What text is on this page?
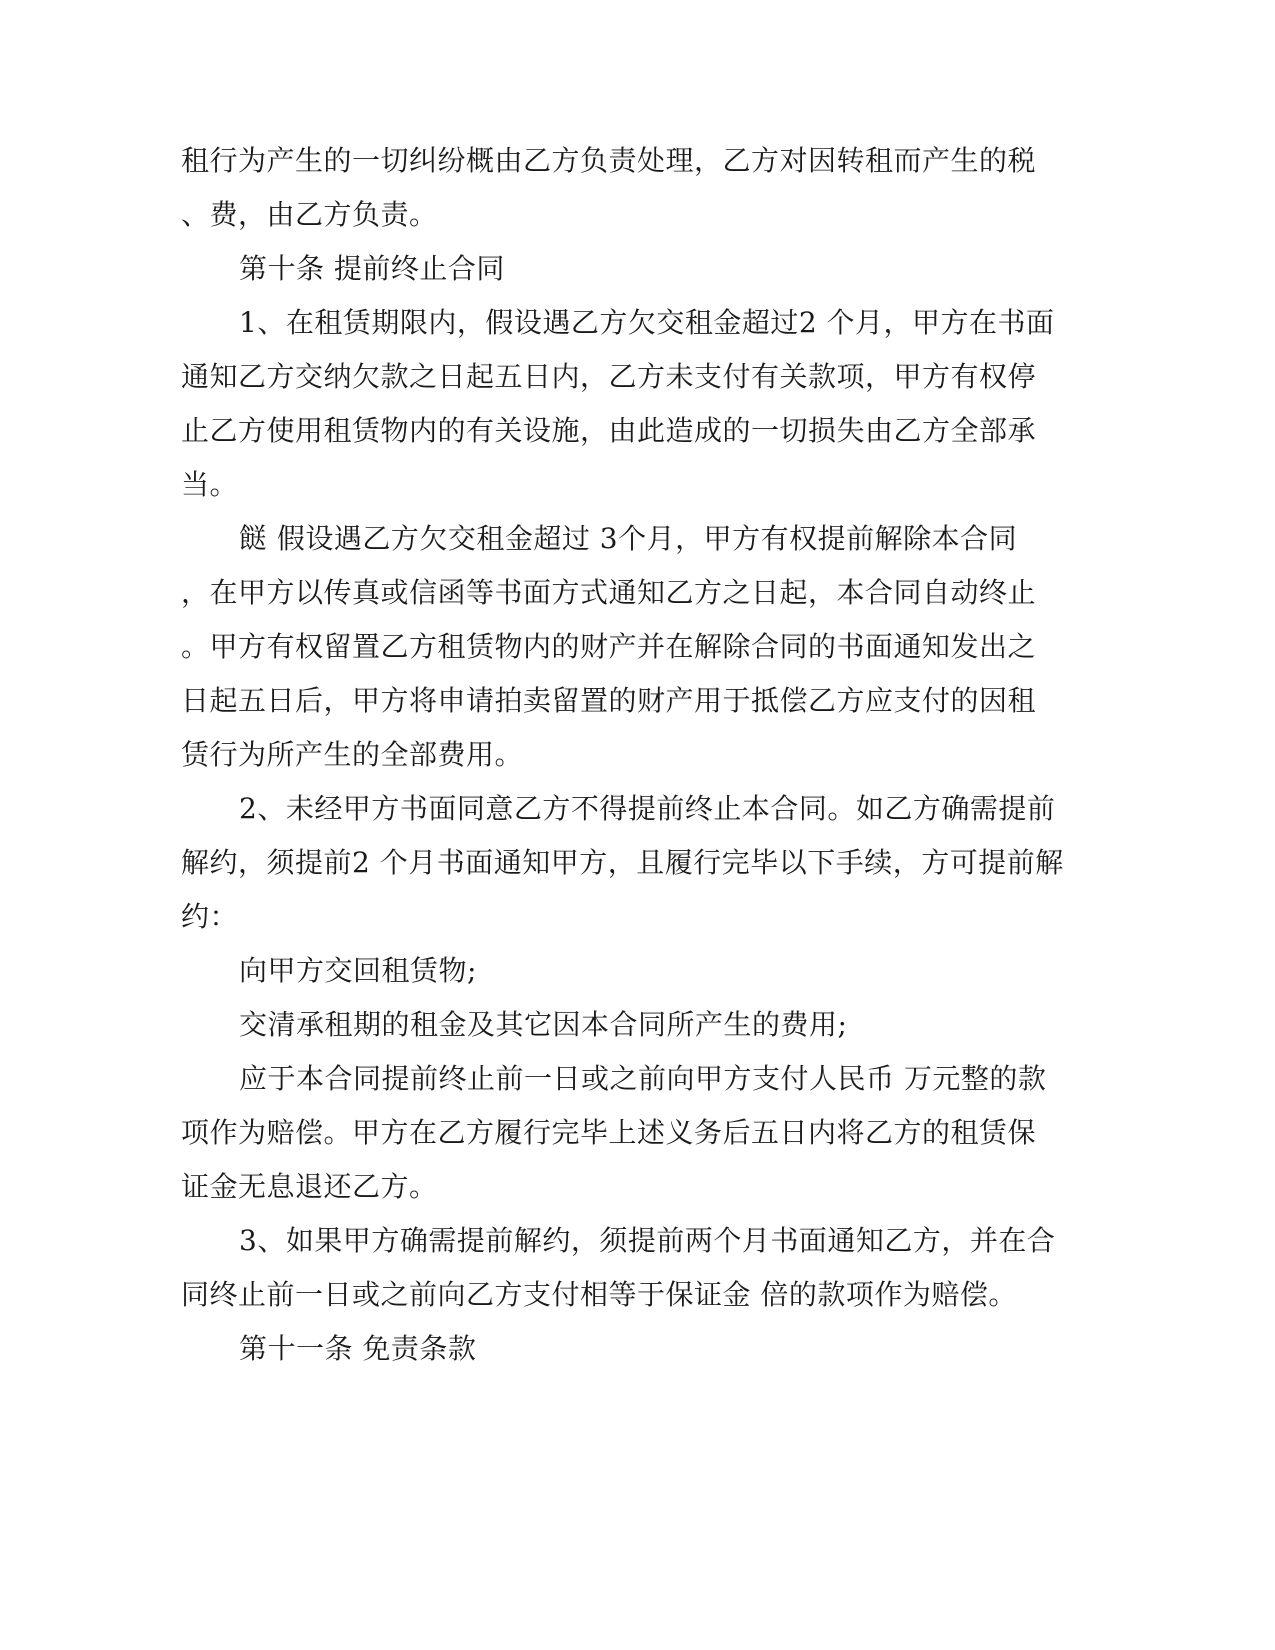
租行为产生的一切纠纷概由乙方负责处理，乙方对因转租而产生的税
、费，由乙方负责。
第十条 提前终止合同
1、在租赁期限内，假设遇乙方欠交租金超过2 个月，甲方在书面
通知乙方交纳欠款之日起五日内，乙方未支付有关款项，甲方有权停
止乙方使用租赁物内的有关设施，由此造成的一切损失由乙方全部承
当。
餸 假设遇乙方欠交租金超过 3个月，甲方有权提前解除本合同
，在甲方以传真或信函等书面方式通知乙方之日起，本合同自动终止
。甲方有权留置乙方租赁物内的财产并在解除合同的书面通知发出之
日起五日后，甲方将申请拍卖留置的财产用于抵偿乙方应支付的因租
赁行为所产生的全部费用。
2、未经甲方书面同意乙方不得提前终止本合同。如乙方确需提前
解约，须提前2 个月书面通知甲方，且履行完毕以下手续，方可提前解
约：
向甲方交回租赁物;
交清承租期的租金及其它因本合同所产生的费用;
应于本合同提前终止前一日或之前向甲方支付人民币 万元整的款
项作为赔偿。甲方在乙方履行完毕上述义务后五日内将乙方的租赁保
证金无息退还乙方。
3、如果甲方确需提前解约，须提前两个月书面通知乙方，并在合
同终止前一日或之前向乙方支付相等于保证金 倍的款项作为赔偿。
第十一条 免责条款
